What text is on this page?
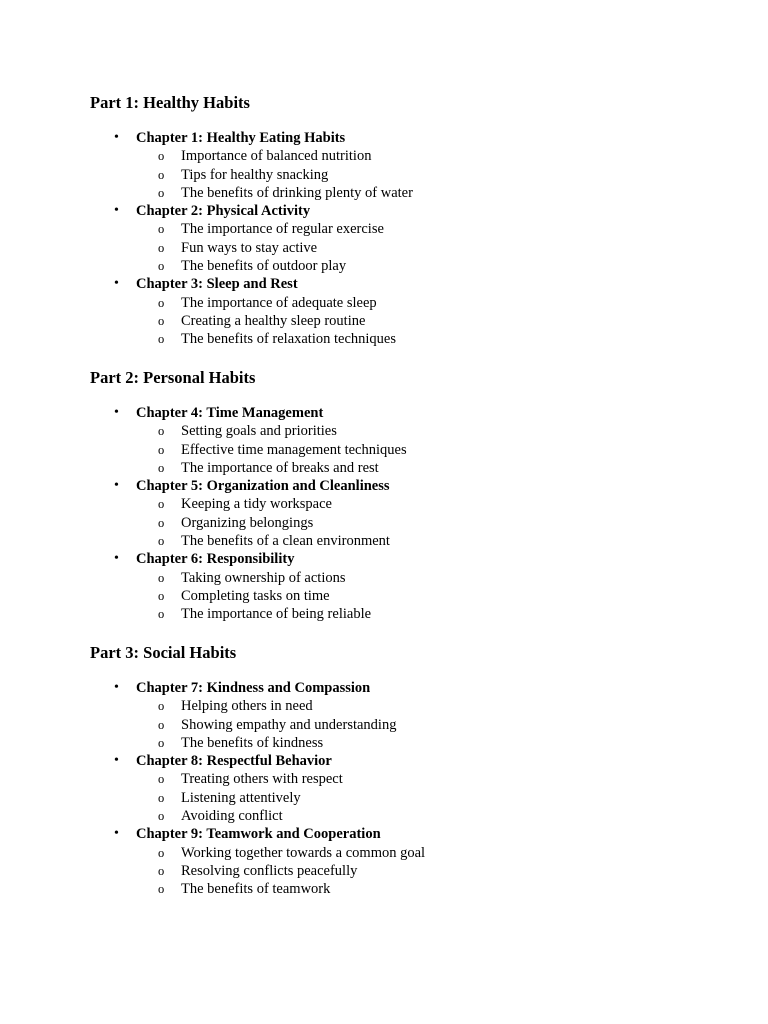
Part 1: Healthy Habits
• Chapter 1: Healthy Eating Habits
o Importance of balanced nutrition
o Tips for healthy snacking
o The benefits of drinking plenty of water
• Chapter 2: Physical Activity
o The importance of regular exercise
o Fun ways to stay active
o The benefits of outdoor play
• Chapter 3: Sleep and Rest
o The importance of adequate sleep
o Creating a healthy sleep routine
o The benefits of relaxation techniques
Part 2: Personal Habits
• Chapter 4: Time Management
o Setting goals and priorities
o Effective time management techniques
o The importance of breaks and rest
• Chapter 5: Organization and Cleanliness
o Keeping a tidy workspace
o Organizing belongings
o The benefits of a clean environment
• Chapter 6: Responsibility
o Taking ownership of actions
o Completing tasks on time
o The importance of being reliable
Part 3: Social Habits
• Chapter 7: Kindness and Compassion
o Helping others in need
o Showing empathy and understanding
o The benefits of kindness
• Chapter 8: Respectful Behavior
o Treating others with respect
o Listening attentively
o Avoiding conflict
• Chapter 9: Teamwork and Cooperation
o Working together towards a common goal
o Resolving conflicts peacefully
o The benefits of teamwork
